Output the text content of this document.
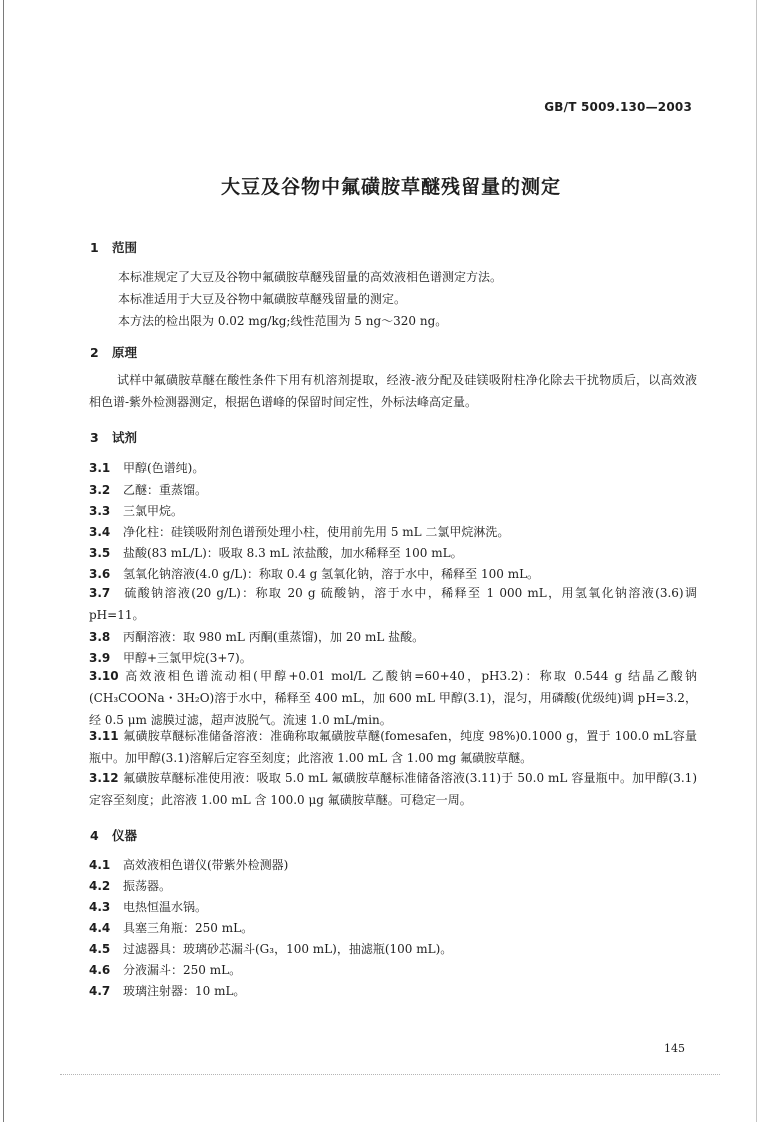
GB/T 5009.130—2003
大豆及谷物中氟磺胺草醚残留量的测定
1 范围
本标准规定了大豆及谷物中氟磺胺草醚残留量的高效液相色谱测定方法。
本标准适用于大豆及谷物中氟磺胺草醚残留量的测定。
本方法的检出限为 0.02 mg/kg;线性范围为 5 ng～320 ng。
2 原理

试样中氟磺胺草醚在酸性条件下用有机溶剂提取，经液-液分配及硅镁吸附柱净化除去干扰物质后，以高效液相色谱-紫外检测器测定，根据色谱峰的保留时间定性，外标法峰高定量。

3 试剂
3.1 甲醇(色谱纯)。
3.2 乙醚：重蒸馏。
3.3 三氯甲烷。
3.4 净化柱：硅镁吸附剂色谱预处理小柱，使用前先用 5 mL 二氯甲烷淋洗。
3.5 盐酸(83 mL/L)：吸取 8.3 mL 浓盐酸，加水稀释至 100 mL。
3.6 氢氧化钠溶液(4.0 g/L)：称取 0.4 g 氢氧化钠，溶于水中，稀释至 100 mL。

3.7 硫酸钠溶液(20 g/L)：称取 20 g 硫酸钠，溶于水中，稀释至 1 000 mL，用氢氧化钠溶液(3.6)调pH=11。

3.8 丙酮溶液：取 980 mL 丙酮(重蒸馏)，加 20 mL 盐酸。
3.9 甲醇+三氯甲烷(3+7)。

3.10 高效液相色谱流动相(甲醇+0.01 mol/L 乙酸钠=60+40，pH3.2)：称取 0.544 g 结晶乙酸钠(CH₃COONa・3H₂O)溶于水中，稀释至 400 mL，加 600 mL 甲醇(3.1)，混匀，用磷酸(优级纯)调 pH=3.2，经 0.5 μm 滤膜过滤，超声波脱气。流速 1.0 mL/min。

3.11 氟磺胺草醚标准储备溶液：准确称取氟磺胺草醚(fomesafen，纯度 98%)0.1000 g，置于 100.0 mL容量瓶中。加甲醇(3.1)溶解后定容至刻度；此溶液 1.00 mL 含 1.00 mg 氟磺胺草醚。

3.12 氟磺胺草醚标准使用液：吸取 5.0 mL 氟磺胺草醚标准储备溶液(3.11)于 50.0 mL 容量瓶中。加甲醇(3.1)定容至刻度；此溶液 1.00 mL 含 100.0 μg 氟磺胺草醚。可稳定一周。

4 仪器
4.1 高效液相色谱仪(带紫外检测器)
4.2 振荡器。
4.3 电热恒温水锅。
4.4 具塞三角瓶：250 mL。
4.5 过滤器具：玻璃砂芯漏斗(G₃，100 mL)，抽滤瓶(100 mL)。
4.6 分液漏斗：250 mL。
4.7 玻璃注射器：10 mL。
145
